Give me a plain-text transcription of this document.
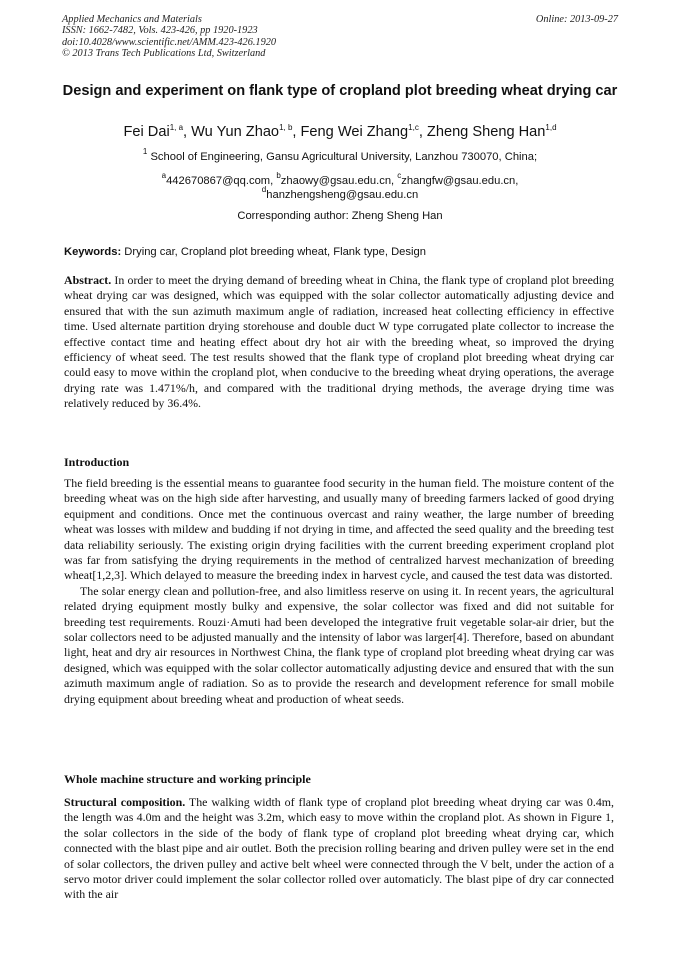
Applied Mechanics and Materials
ISSN: 1662-7482, Vols. 423-426, pp 1920-1923
doi:10.4028/www.scientific.net/AMM.423-426.1920
© 2013 Trans Tech Publications Ltd, Switzerland
Online: 2013-09-27
Design and experiment on flank type of cropland plot breeding wheat drying car
Fei Dai$^{1, a}$, Wu Yun Zhao$^{1, b}$, Feng Wei Zhang$^{1,c}$, Zheng Sheng Han$^{1,d}$
$^1$ School of Engineering, Gansu Agricultural University, Lanzhou 730070, China;
$^a$442670867@qq.com, $^b$zhaowy@gsau.edu.cn, $^c$zhangfw@gsau.edu.cn,
$^d$hanzhengsheng@gsau.edu.cn
Corresponding author: Zheng Sheng Han
Keywords: Drying car, Cropland plot breeding wheat, Flank type, Design
Abstract. In order to meet the drying demand of breeding wheat in China, the flank type of cropland plot breeding wheat drying car was designed, which was equipped with the solar collector automatically adjusting device and ensured that with the sun azimuth maximum angle of radiation, increased heat collecting efficiency in effective time. Used alternate partition drying storehouse and double duct W type corrugated plate collector to increase the effective contact time and heating effect about dry hot air with the breeding wheat, so improved the drying efficiency of wheat seed. The test results showed that the flank type of cropland plot breeding wheat drying car could easy to move within the cropland plot, when conducive to the breeding wheat drying operations, the average drying rate was 1.471%/h, and compared with the traditional drying methods, the average drying time was relatively reduced by 36.4%.
Introduction

The field breeding is the essential means to guarantee food security in the human field. The moisture content of the breeding wheat was on the high side after harvesting, and usually many of breeding farmers lacked of good drying equipment and conditions. Once met the continuous overcast and rainy weather, the large number of breeding wheat was losses with mildew and budding if not drying in time, and affected the seed quality and the breeding test data reliability seriously. The existing origin drying facilities with the current breeding experiment cropland plot was far from satisfying the drying requirements in the method of centralized harvest mechanization of breeding wheat[1,2,3]. Which delayed to measure the breeding index in harvest cycle, and caused the test data was distorted.

The solar energy clean and pollution-free, and also limitless reserve on using it. In recent years, the agricultural related drying equipment mostly bulky and expensive, the solar collector was fixed and did not suitable for breeding test requirements. Rouzi·Amuti had been developed the integrative fruit vegetable solar-air drier, but the solar collectors need to be adjusted manually and the intensity of labor was larger[4]. Therefore, based on abundant light, heat and dry air resources in Northwest China, the flank type of cropland plot breeding wheat drying car was designed, which was equipped with the solar collector automatically adjusting device and ensured that with the sun azimuth maximum angle of radiation. So as to provide the research and development reference for small mobile drying equipment about breeding wheat and production of wheat seeds.

Whole machine structure and working principle
Structural composition. The walking width of flank type of cropland plot breeding wheat drying car was 0.4m, the length was 4.0m and the height was 3.2m, which easy to move within the cropland plot. As shown in Figure 1, the solar collectors in the side of the body of flank type of cropland plot breeding wheat drying car, which connected with the blast pipe and air outlet. Both the precision rolling bearing and driven pulley were set in the end of solar collectors, the driven pulley and active belt wheel were connected through the V belt, under the action of a servo motor driver could implement the solar collector rolled over automaticly. The blast pipe of dry car connected with the air
